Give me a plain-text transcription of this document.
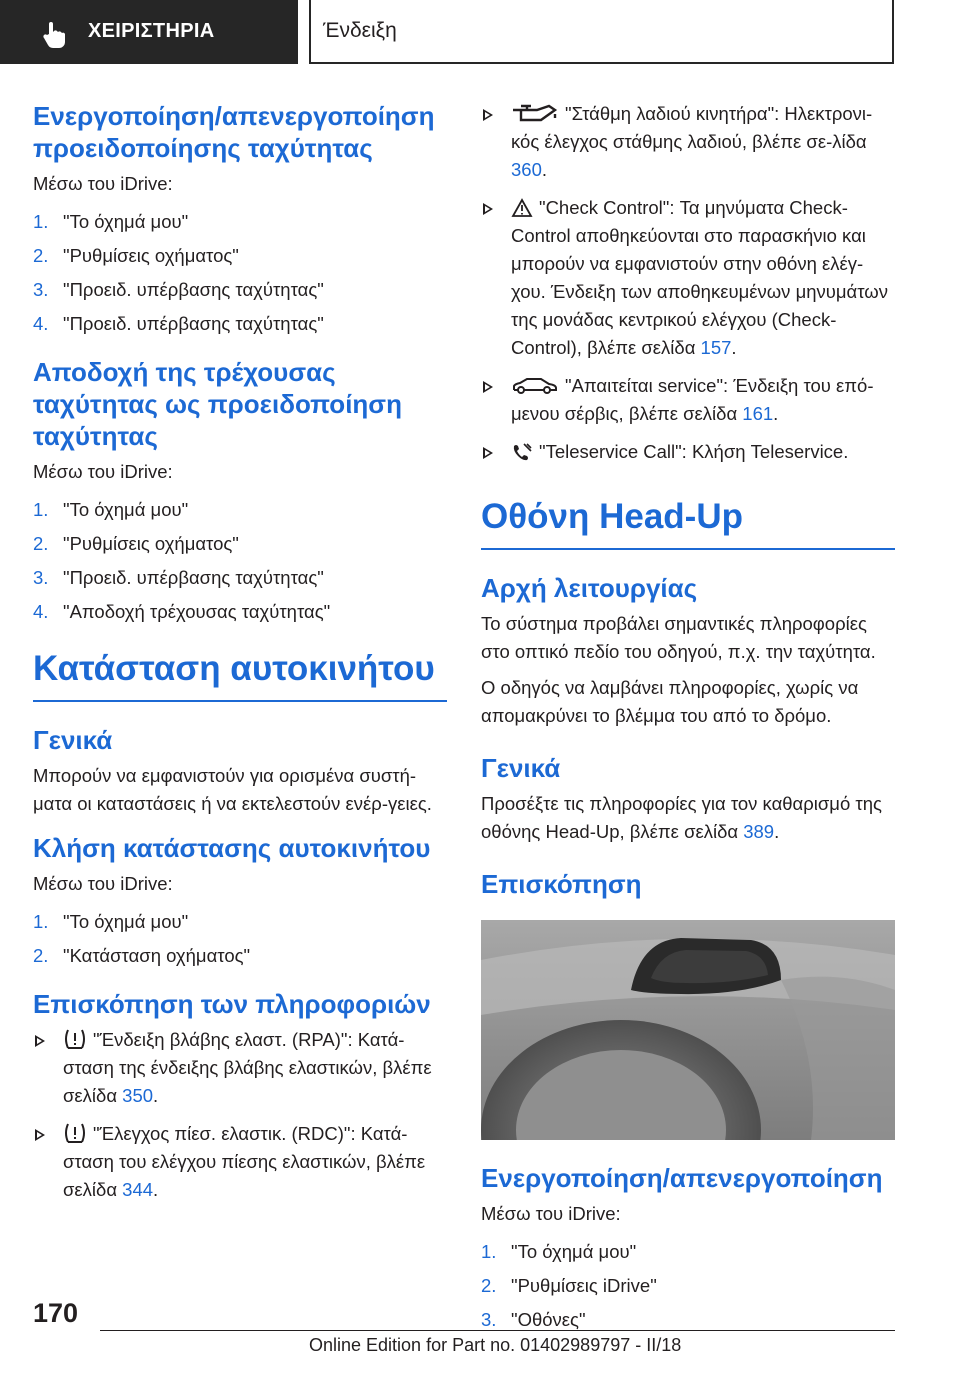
ΧΕΙΡΙΣΤΗΡΙΑ	Ένδειξη
Ενεργοποίηση/απενεργοποίηση προειδοποίησης ταχύτητας

Μέσω του iDrive:

1. "Το όχημά μου"
2. "Ρυθμίσεις οχήματος"
3. "Προειδ. υπέρβασης ταχύτητας"
4. "Προειδ. υπέρβασης ταχύτητας"
Αποδοχή της τρέχουσας ταχύτητας ως προειδοποίηση ταχύτητας

Μέσω του iDrive:

1. "Το όχημά μου"
2. "Ρυθμίσεις οχήματος"
3. "Προειδ. υπέρβασης ταχύτητας"
4. "Αποδοχή τρέχουσας ταχύτητας"
Κατάσταση αυτοκινήτου
Γενικά

Μπορούν να εμφανιστούν για ορισμένα συστή-ματα οι καταστάσεις ή να εκτελεστούν ενέρ-γειες.

Κλήση κατάστασης αυτοκινήτου

Μέσω του iDrive:

1. "Το όχημά μου"
2. "Κατάσταση οχήματος"
Επισκόπηση των πληροφοριών
"Ένδειξη βλάβης ελαστ. (RPA)": Κατά-σταση της ένδειξης βλάβης ελαστικών, βλέπε σελίδα 350.
"Έλεγχος πίεσ. ελαστικ. (RDC)": Κατά-σταση του ελέγχου πίεσης ελαστικών, βλέπε σελίδα 344.
"Στάθμη λαδιού κινητήρα": Ηλεκτρονι-κός έλεγχος στάθμης λαδιού, βλέπε σε-λίδα 360.
"Check Control": Τα μηνύματα Check-Control αποθηκεύονται στο παρασκήνιο και μπορούν να εμφανιστούν στην οθόνη ελέγ-χου. Ένδειξη των αποθηκευμένων μηνυμάτων της μονάδας κεντρικού ελέγχου (Check-Control), βλέπε σελίδα 157.
"Απαιτείται service": Ένδειξη του επό-μενου σέρβις, βλέπε σελίδα 161.
"Teleservice Call": Κλήση Teleservice.
Οθόνη Head-Up
Αρχή λειτουργίας

Το σύστημα προβάλει σημαντικές πληροφορίες στο οπτικό πεδίο του οδηγού, π.χ. την ταχύτητα.

Ο οδηγός να λαμβάνει πληροφορίες, χωρίς να απομακρύνει το βλέμμα του από το δρόμο.

Γενικά

Προσέξτε τις πληροφορίες για τον καθαρισμό της οθόνης Head-Up, βλέπε σελίδα 389.

Επισκόπηση
Ενεργοποίηση/απενεργοποίηση

Μέσω του iDrive:

1. "Το όχημά μου"
2. "Ρυθμίσεις iDrive"
3. "Οθόνες"
170
Online Edition for Part no. 01402989797 - II/18
